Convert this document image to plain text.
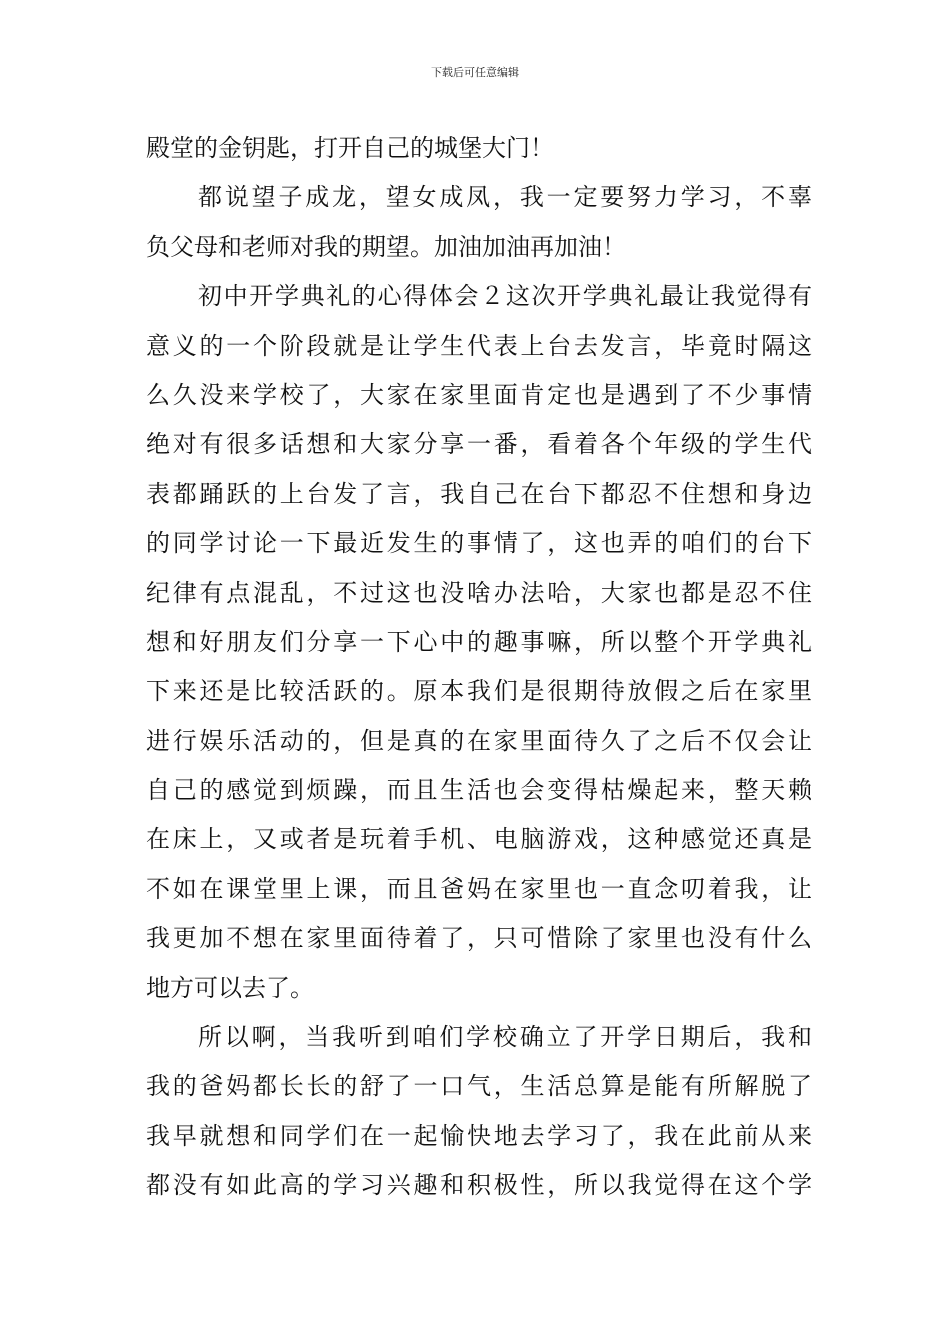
下载后可任意编辑
殿堂的金钥匙，打开自己的城堡大门！
都说望子成龙，望女成凤，我一定要努力学习，不辜
负父母和老师对我的期望。加油加油再加油！
初中开学典礼的心得体会２这次开学典礼最让我觉得有
意义的一个阶段就是让学生代表上台去发言，毕竟时隔这
么久没来学校了，大家在家里面肯定也是遇到了不少事情
绝对有很多话想和大家分享一番，看着各个年级的学生代
表都踊跃的上台发了言，我自己在台下都忍不住想和身边
的同学讨论一下最近发生的事情了，这也弄的咱们的台下
纪律有点混乱，不过这也没啥办法哈，大家也都是忍不住
想和好朋友们分享一下心中的趣事嘛，所以整个开学典礼
下来还是比较活跃的。原本我们是很期待放假之后在家里
进行娱乐活动的，但是真的在家里面待久了之后不仅会让
自己的感觉到烦躁，而且生活也会变得枯燥起来，整天赖
在床上，又或者是玩着手机、电脑游戏，这种感觉还真是
不如在课堂里上课，而且爸妈在家里也一直念叨着我，让
我更加不想在家里面待着了，只可惜除了家里也没有什么
地方可以去了。
所以啊，当我听到咱们学校确立了开学日期后，我和
我的爸妈都长长的舒了一口气，生活总算是能有所解脱了
我早就想和同学们在一起愉快地去学习了，我在此前从来
都没有如此高的学习兴趣和积极性，所以我觉得在这个学
